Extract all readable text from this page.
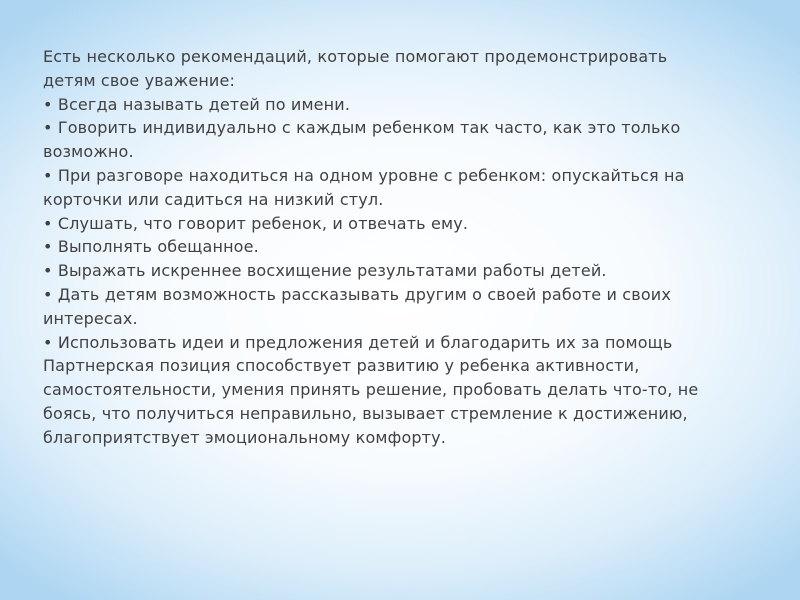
Есть несколько рекомендаций, которые помогают продемонстрировать
детям свое уважение:
• Всегда называть детей по имени.
• Говорить индивидуально с каждым ребенком так часто, как это только
возможно.
• При разговоре находиться на одном уровне с ребенком: опускайться на
корточки или садиться на низкий стул.
• Слушать, что говорит ребенок, и отвечать ему.
• Выполнять обещанное.
• Выражать искреннее восхищение результатами работы детей.
• Дать детям возможность рассказывать другим о своей работе и своих
интересах.
• Использовать идеи и предложения детей и благодарить их за помощь
Партнерская позиция способствует развитию у ребенка активности,
самостоятельности, умения принять решение, пробовать делать что-то, не
боясь, что получиться неправильно, вызывает стремление к достижению,
благоприятствует эмоциональному комфорту.
